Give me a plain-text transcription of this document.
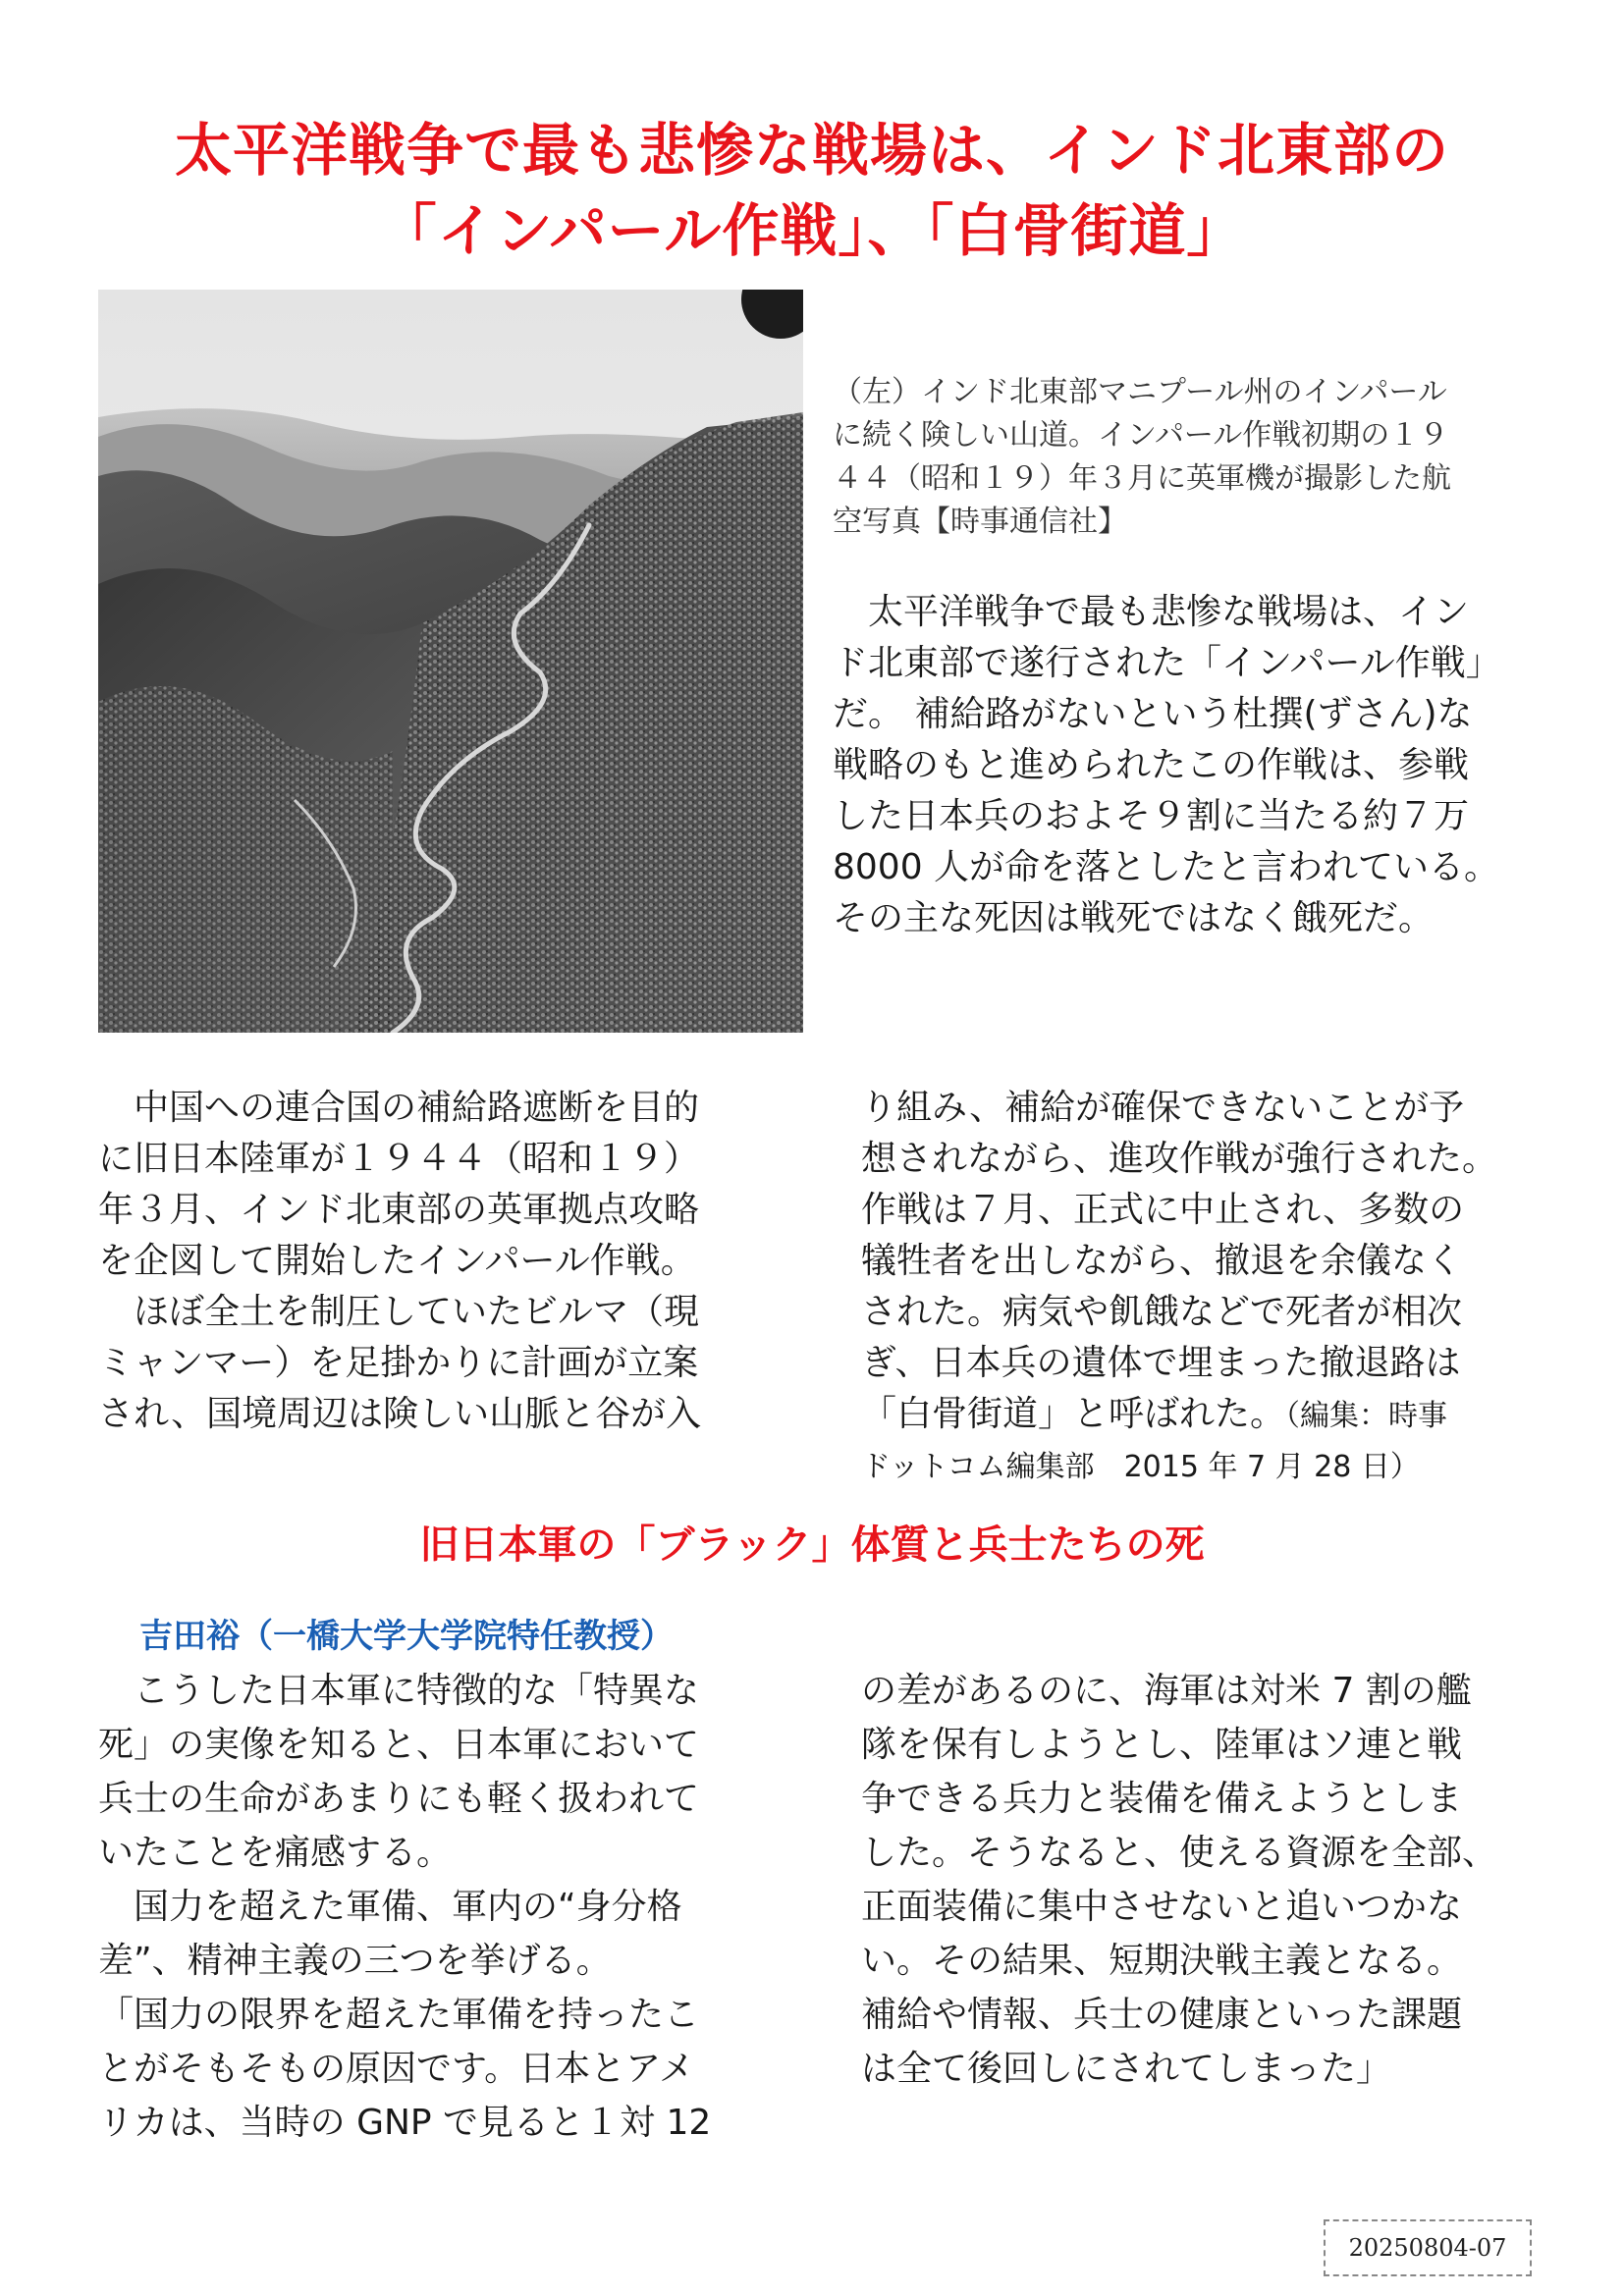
太平洋戦争で最も悲惨な戦場は、インド北東部の
「インパール作戦」、「白骨街道」
（左）インド北東部マニプール州のインパール
に続く険しい山道。インパール作戦初期の１９
４４（昭和１９）年３月に英軍機が撮影した航
空写真【時事通信社】
　太平洋戦争で最も悲惨な戦場は、イン
ド北東部で遂行された「インパール作戦」
だ。 補給路がないという杜撰(ずさん)な
戦略のもと進められたこの作戦は、参戦
した日本兵のおよそ９割に当たる約７万
8000 人が命を落としたと言われている。
その主な死因は戦死ではなく餓死だ。
　中国への連合国の補給路遮断を目的
に旧日本陸軍が１９４４（昭和１９）
年３月、インド北東部の英軍拠点攻略
を企図して開始したインパール作戦。
　ほぼ全土を制圧していたビルマ（現
ミャンマー）を足掛かりに計画が立案
され、国境周辺は険しい山脈と谷が入
り組み、補給が確保できないことが予
想されながら、進攻作戦が強行された。
作戦は７月、正式に中止され、多数の
犠牲者を出しながら、撤退を余儀なく
された。病気や飢餓などで死者が相次
ぎ、日本兵の遺体で埋まった撤退路は
「白骨街道」と呼ばれた。（編集：時事
ドットコム編集部　2015 年 7 月 28 日）
旧日本軍の「ブラック」体質と兵士たちの死
吉田裕（一橋大学大学院特任教授）
　こうした日本軍に特徴的な「特異な
死」の実像を知ると、日本軍において
兵士の生命があまりにも軽く扱われて
いたことを痛感する。
　国力を超えた軍備、軍内の“身分格
差”、精神主義の三つを挙げる。
「国力の限界を超えた軍備を持ったこ
とがそもそもの原因です。日本とアメ
リカは、当時の GNP で見ると１対 12
の差があるのに、海軍は対米 7 割の艦
隊を保有しようとし、陸軍はソ連と戦
争できる兵力と装備を備えようとしま
した。そうなると、使える資源を全部、
正面装備に集中させないと追いつかな
い。その結果、短期決戦主義となる。
補給や情報、兵士の健康といった課題
は全て後回しにされてしまった」
20250804-07
